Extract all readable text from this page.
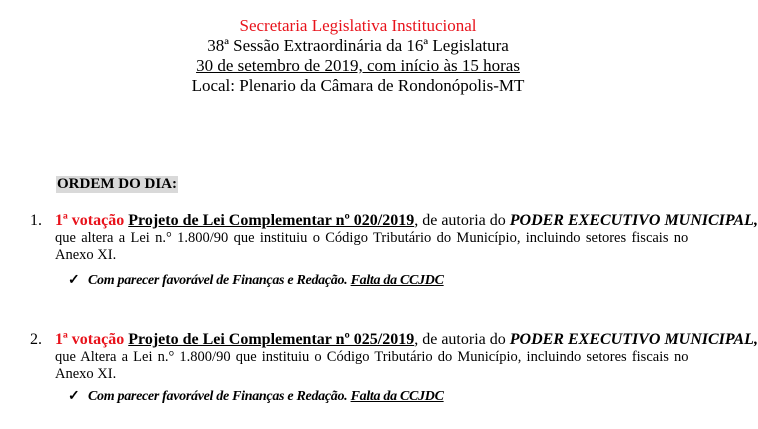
Secretaria Legislativa Institucional
38ª Sessão Extraordinária da 16ª Legislatura
30 de setembro de 2019, com início às 15 horas
Local: Plenario da Câmara de Rondonópolis-MT
ORDEM DO DIA:
1. 1ª votação Projeto de Lei Complementar nº 020/2019, de autoria do PODER EXECUTIVO MUNICIPAL, que altera a Lei n.° 1.800/90 que instituiu o Código Tributário do Município, incluindo setores fiscais no Anexo XI.
✓ Com parecer favorável de Finanças e Redação. Falta da CCJDC
2. 1ª votação Projeto de Lei Complementar nº 025/2019, de autoria do PODER EXECUTIVO MUNICIPAL, que Altera a Lei n.° 1.800/90 que instituiu o Código Tributário do Município, incluindo setores fiscais no Anexo XI.
✓ Com parecer favorável de Finanças e Redação. Falta da CCJDC
